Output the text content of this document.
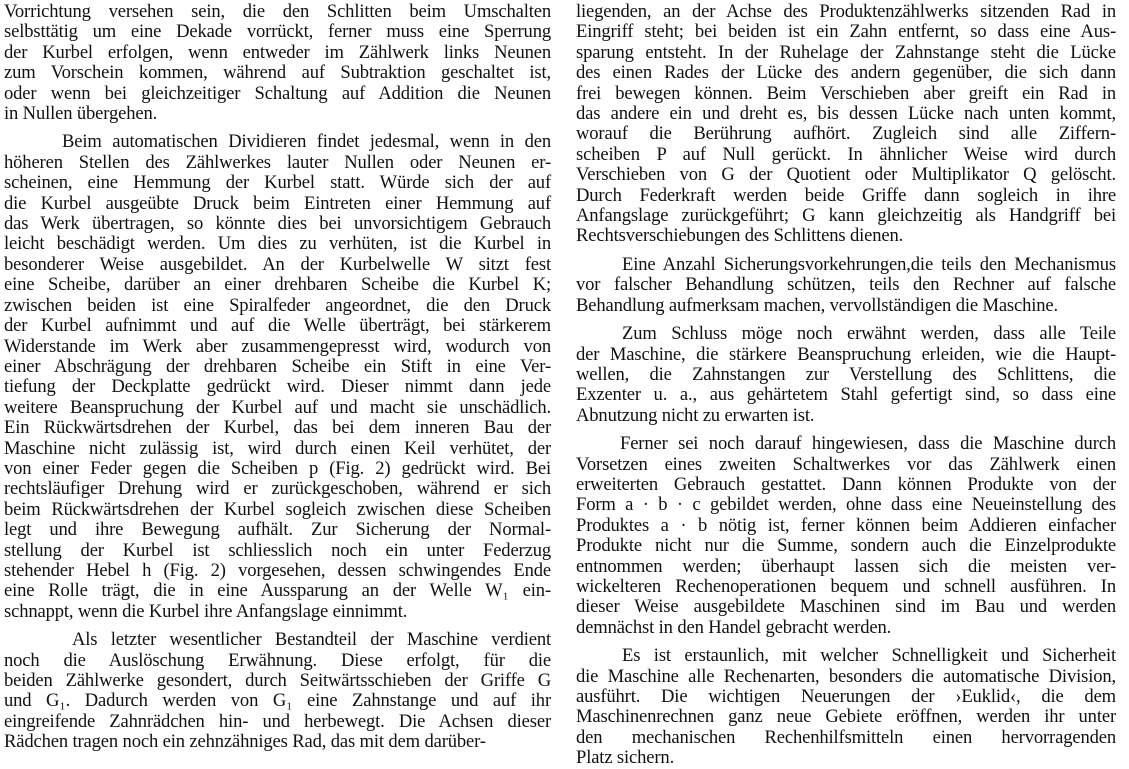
Vorrichtung versehen sein, die den Schlitten beim Umschalten
selbsttätig um eine Dekade vorrückt, ferner muss eine Sperrung
der Kurbel erfolgen, wenn entweder im Zählwerk links Neunen
zum Vorschein kommen, während auf Subtraktion geschaltet ist,
oder wenn bei gleichzeitiger Schaltung auf Addition die Neunen
in Nullen übergehen.
Beim automatischen Dividieren findet jedesmal, wenn in den
höheren Stellen des Zählwerkes lauter Nullen oder Neunen er-
scheinen, eine Hemmung der Kurbel statt. Würde sich der auf
die Kurbel ausgeübte Druck beim Eintreten einer Hemmung auf
das Werk übertragen, so könnte dies bei unvorsichtigem Gebrauch
leicht beschädigt werden. Um dies zu verhüten, ist die Kurbel in
besonderer Weise ausgebildet. An der Kurbelwelle W sitzt fest
eine Scheibe, darüber an einer drehbaren Scheibe die Kurbel K;
zwischen beiden ist eine Spiralfeder angeordnet, die den Druck
der Kurbel aufnimmt und auf die Welle überträgt, bei stärkerem
Widerstande im Werk aber zusammengepresst wird, wodurch von
einer Abschrägung der drehbaren Scheibe ein Stift in eine Ver-
tiefung der Deckplatte gedrückt wird. Dieser nimmt dann jede
weitere Beanspruchung der Kurbel auf und macht sie unschädlich.
Ein Rückwärtsdrehen der Kurbel, das bei dem inneren Bau der
Maschine nicht zulässig ist, wird durch einen Keil verhütet, der
von einer Feder gegen die Scheiben p (Fig. 2) gedrückt wird. Bei
rechtsläufiger Drehung wird er zurückgeschoben, während er sich
beim Rückwärtsdrehen der Kurbel sogleich zwischen diese Scheiben
legt und ihre Bewegung aufhält. Zur Sicherung der Normal-
stellung der Kurbel ist schliesslich noch ein unter Federzug
stehender Hebel h (Fig. 2) vorgesehen, dessen schwingendes Ende
eine Rolle trägt, die in eine Aussparung an der Welle W₁ ein-
schnappt, wenn die Kurbel ihre Anfangslage einnimmt.
Als letzter wesentlicher Bestandteil der Maschine verdient
noch die Auslöschung Erwähnung. Diese erfolgt, für die
beiden Zählwerke gesondert, durch Seitwärtsschieben der Griffe G
und G₁. Dadurch werden von G₁ eine Zahnstange und auf ihr
eingreifende Zahnrädchen hin- und herbewegt. Die Achsen dieser
Rädchen tragen noch ein zehnzähniges Rad, das mit dem darüber-
liegenden, an der Achse des Produktenzählwerks sitzenden Rad in
Eingriff steht; bei beiden ist ein Zahn entfernt, so dass eine Aus-
sparung entsteht. In der Ruhelage der Zahnstange steht die Lücke
des einen Rades der Lücke des andern gegenüber, die sich dann
frei bewegen können. Beim Verschieben aber greift ein Rad in
das andere ein und dreht es, bis dessen Lücke nach unten kommt,
worauf die Berührung aufhört. Zugleich sind alle Ziffern-
scheiben P auf Null gerückt. In ähnlicher Weise wird durch
Verschieben von G der Quotient oder Multiplikator Q gelöscht.
Durch Federkraft werden beide Griffe dann sogleich in ihre
Anfangslage zurückgeführt; G kann gleichzeitig als Handgriff bei
Rechtsverschiebungen des Schlittens dienen.
Eine Anzahl Sicherungsvorkehrungen,die teils den Mechanismus
vor falscher Behandlung schützen, teils den Rechner auf falsche
Behandlung aufmerksam machen, vervollständigen die Maschine.
Zum Schluss möge noch erwähnt werden, dass alle Teile
der Maschine, die stärkere Beanspruchung erleiden, wie die Haupt-
wellen, die Zahnstangen zur Verstellung des Schlittens, die
Exzenter u. a., aus gehärtetem Stahl gefertigt sind, so dass eine
Abnutzung nicht zu erwarten ist.
Ferner sei noch darauf hingewiesen, dass die Maschine durch
Vorsetzen eines zweiten Schaltwerkes vor das Zählwerk einen
erweiterten Gebrauch gestattet. Dann können Produkte von der
Form a · b · c gebildet werden, ohne dass eine Neueinstellung des
Produktes a · b nötig ist, ferner können beim Addieren einfacher
Produkte nicht nur die Summe, sondern auch die Einzelprodukte
entnommen werden; überhaupt lassen sich die meisten ver-
wickelteren Rechenoperationen bequem und schnell ausführen. In
dieser Weise ausgebildete Maschinen sind im Bau und werden
demnächst in den Handel gebracht werden.
Es ist erstaunlich, mit welcher Schnelligkeit und Sicherheit
die Maschine alle Rechenarten, besonders die automatische Division,
ausführt. Die wichtigen Neuerungen der ›Euklid‹, die dem
Maschinenrechnen ganz neue Gebiete eröffnen, werden ihr unter
den mechanischen Rechenhilfsmitteln einen hervorragenden
Platz sichern.
